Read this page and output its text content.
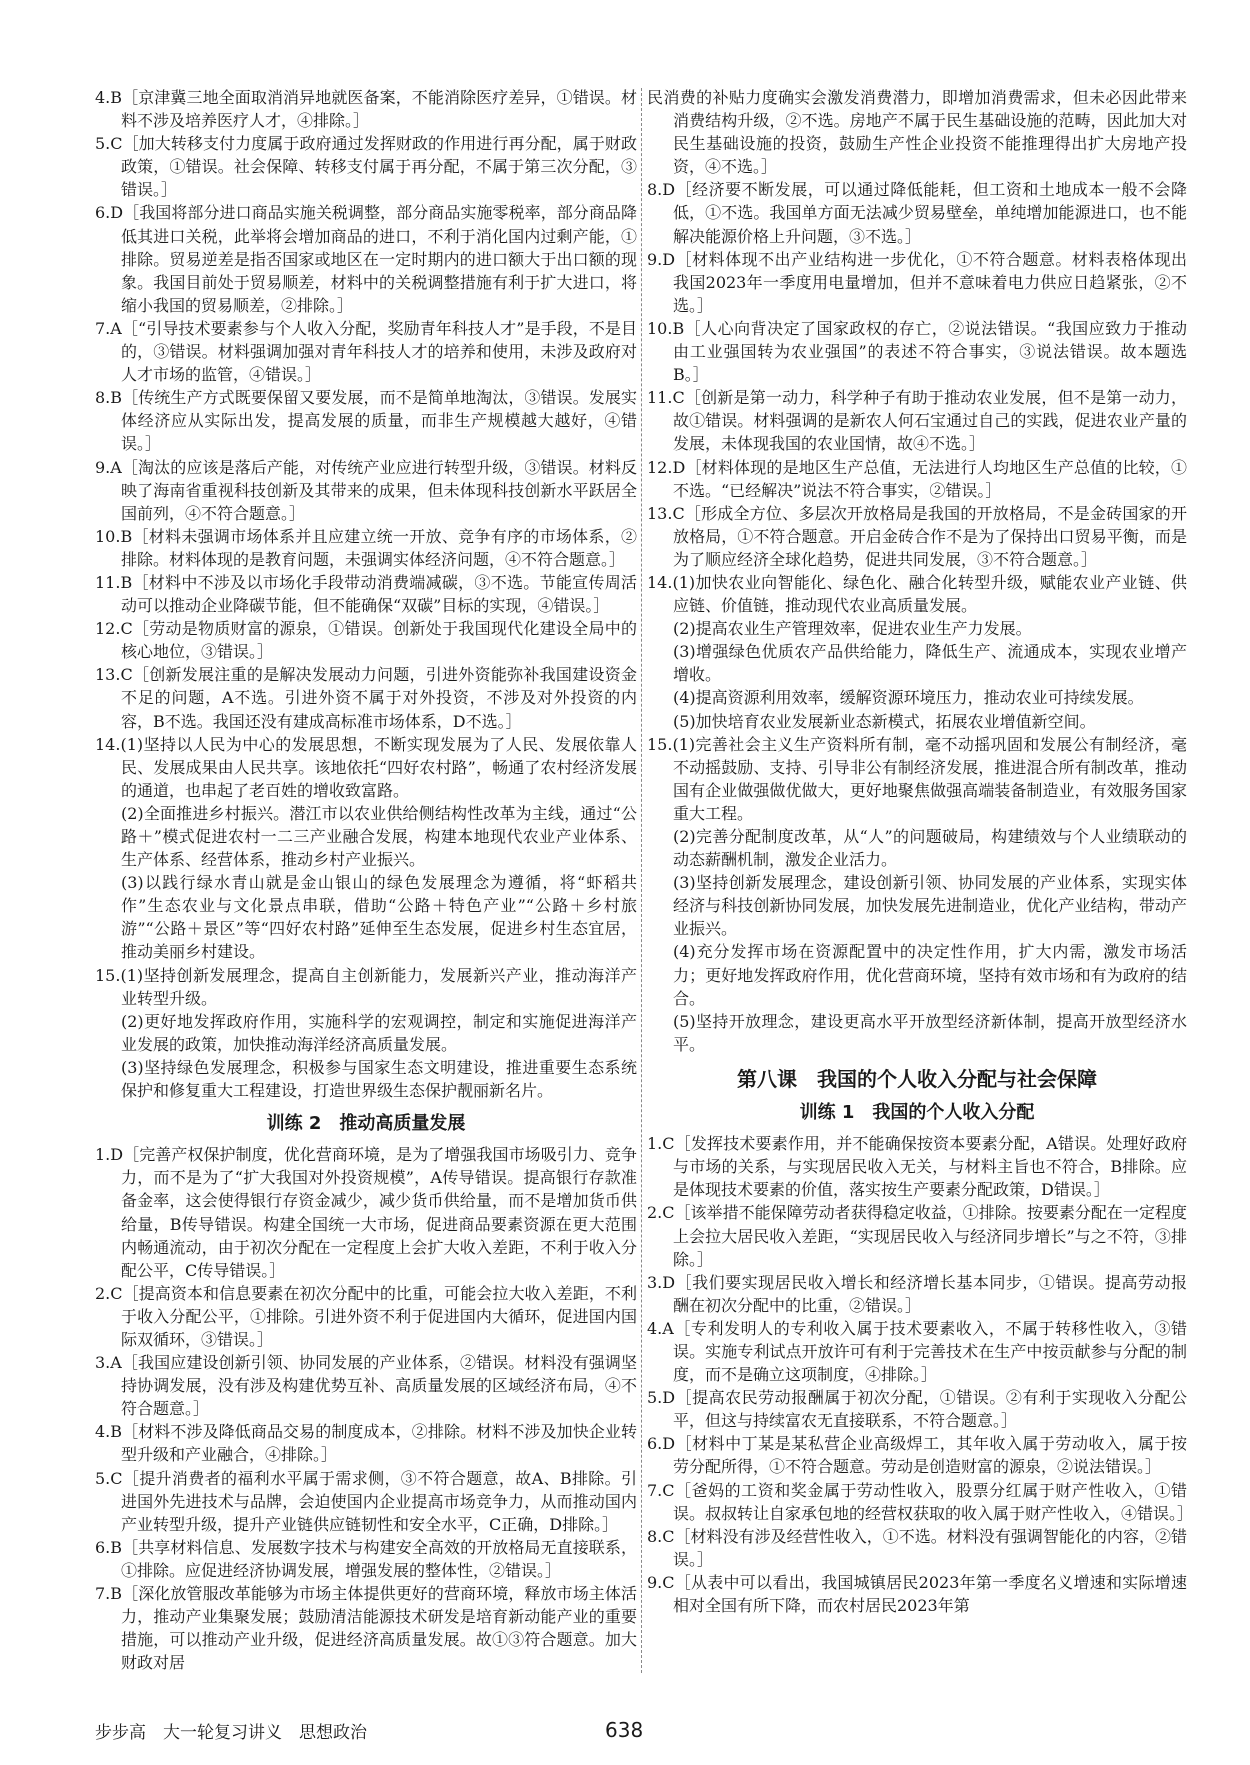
4.B［京津冀三地全面取消消异地就医备案，不能消除医疗差异，①错误。材料不涉及培养医疗人才，④排除。］

5.C［加大转移支付力度属于政府通过发挥财政的作用进行再分配，属于财政政策，①错误。社会保障、转移支付属于再分配，不属于第三次分配，③错误。］

6.D［我国将部分进口商品实施关税调整，部分商品实施零税率，部分商品降低其进口关税，此举将会增加商品的进口，不利于消化国内过剩产能，①排除。贸易逆差是指否国家或地区在一定时期内的进口额大于出口额的现象。我国目前处于贸易顺差，材料中的关税调整措施有利于扩大进口，将缩小我国的贸易顺差，②排除。］

7.A［“引导技术要素参与个人收入分配，奖励青年科技人才”是手段，不是目的，③错误。材料强调加强对青年科技人才的培养和使用，未涉及政府对人才市场的监管，④错误。］

8.B［传统生产方式既要保留又要发展，而不是简单地淘汰，③错误。发展实体经济应从实际出发，提高发展的质量，而非生产规模越大越好，④错误。］

9.A［淘汰的应该是落后产能，对传统产业应进行转型升级，③错误。材料反映了海南省重视科技创新及其带来的成果，但未体现科技创新水平跃居全国前列，④不符合题意。］

10.B［材料未强调市场体系并且应建立统一开放、竞争有序的市场体系，②排除。材料体现的是教育问题，未强调实体经济问题，④不符合题意。］

11.B［材料中不涉及以市场化手段带动消费端减碳，③不选。节能宣传周活动可以推动企业降碳节能，但不能确保“双碳”目标的实现，④错误。］

12.C［劳动是物质财富的源泉，①错误。创新处于我国现代化建设全局中的核心地位，③错误。］

13.C［创新发展注重的是解决发展动力问题，引进外资能弥补我国建设资金不足的问题，A不选。引进外资不属于对外投资，不涉及对外投资的内容，B不选。我国还没有建成高标准市场体系，D不选。］

14.(1)坚持以人民为中心的发展思想，不断实现发展为了人民、发展依靠人民、发展成果由人民共享。该地依托“四好农村路”，畅通了农村经济发展的通道，也串起了老百姓的增收致富路。

(2)全面推进乡村振兴。潜江市以农业供给侧结构性改革为主线，通过“公路＋”模式促进农村一二三产业融合发展，构建本地现代农业产业体系、生产体系、经营体系，推动乡村产业振兴。

(3)以践行绿水青山就是金山银山的绿色发展理念为遵循，将“虾稻共作”生态农业与文化景点串联，借助“公路＋特色产业”“公路＋乡村旅游”“公路＋景区”等“四好农村路”延伸至生态发展，促进乡村生态宜居，推动美丽乡村建设。

15.(1)坚持创新发展理念，提高自主创新能力，发展新兴产业，推动海洋产业转型升级。

(2)更好地发挥政府作用，实施科学的宏观调控，制定和实施促进海洋产业发展的政策，加快推动海洋经济高质量发展。

(3)坚持绿色发展理念，积极参与国家生态文明建设，推进重要生态系统保护和修复重大工程建设，打造世界级生态保护靓丽新名片。

训练 2　推动高质量发展

1.D［完善产权保护制度，优化营商环境，是为了增强我国市场吸引力、竞争力，而不是为了“扩大我国对外投资规模”，A传导错误。提高银行存款准备金率，这会使得银行存资金减少，减少货币供给量，而不是增加货币供给量，B传导错误。构建全国统一大市场，促进商品要素资源在更大范围内畅通流动，由于初次分配在一定程度上会扩大收入差距，不利于收入分配公平，C传导错误。］

2.C［提高资本和信息要素在初次分配中的比重，可能会拉大收入差距，不利于收入分配公平，①排除。引进外资不利于促进国内大循环，促进国内国际双循环，③错误。］

3.A［我国应建设创新引领、协同发展的产业体系，②错误。材料没有强调坚持协调发展，没有涉及构建优势互补、高质量发展的区域经济布局，④不符合题意。］

4.B［材料不涉及降低商品交易的制度成本，②排除。材料不涉及加快企业转型升级和产业融合，④排除。］

5.C［提升消费者的福利水平属于需求侧，③不符合题意，故A、B排除。引进国外先进技术与品牌，会迫使国内企业提高市场竞争力，从而推动国内产业转型升级，提升产业链供应链韧性和安全水平，C正确，D排除。］

6.B［共享材料信息、发展数字技术与构建安全高效的开放格局无直接联系，①排除。应促进经济协调发展，增强发展的整体性，②错误。］

7.B［深化放管服改革能够为市场主体提供更好的营商环境，释放市场主体活力，推动产业集聚发展；鼓励清洁能源技术研发是培育新动能产业的重要措施，可以推动产业升级，促进经济高质量发展。故①③符合题意。加大财政对居

民消费的补贴力度确实会激发消费潜力，即增加消费需求，但未必因此带来消费结构升级，②不选。房地产不属于民生基础设施的范畴，因此加大对民生基础设施的投资，鼓励生产性企业投资不能推理得出扩大房地产投资，④不选。］

8.D［经济要不断发展，可以通过降低能耗，但工资和土地成本一般不会降低，①不选。我国单方面无法减少贸易壁垒，单纯增加能源进口，也不能解决能源价格上升问题，③不选。］

9.D［材料体现不出产业结构进一步优化，①不符合题意。材料表格体现出我国2023年一季度用电量增加，但并不意味着电力供应日趋紧张，②不选。］

10.B［人心向背决定了国家政权的存亡，②说法错误。“我国应致力于推动由工业强国转为农业强国”的表述不符合事实，③说法错误。故本题选B。］

11.C［创新是第一动力，科学种子有助于推动农业发展，但不是第一动力，故①错误。材料强调的是新农人何石宝通过自己的实践，促进农业产量的发展，未体现我国的农业国情，故④不选。］

12.D［材料体现的是地区生产总值，无法进行人均地区生产总值的比较，①不选。“已经解决”说法不符合事实，②错误。］

13.C［形成全方位、多层次开放格局是我国的开放格局，不是金砖国家的开放格局，①不符合题意。开启金砖合作不是为了保持出口贸易平衡，而是为了顺应经济全球化趋势，促进共同发展，③不符合题意。］

14.(1)加快农业向智能化、绿色化、融合化转型升级，赋能农业产业链、供应链、价值链，推动现代农业高质量发展。

(2)提高农业生产管理效率，促进农业生产力发展。

(3)增强绿色优质农产品供给能力，降低生产、流通成本，实现农业增产增收。

(4)提高资源利用效率，缓解资源环境压力，推动农业可持续发展。

(5)加快培育农业发展新业态新模式，拓展农业增值新空间。

15.(1)完善社会主义生产资料所有制，毫不动摇巩固和发展公有制经济，毫不动摇鼓励、支持、引导非公有制经济发展，推进混合所有制改革，推动国有企业做强做优做大，更好地聚焦做强高端装备制造业，有效服务国家重大工程。

(2)完善分配制度改革，从“人”的问题破局，构建绩效与个人业绩联动的动态薪酬机制，激发企业活力。

(3)坚持创新发展理念，建设创新引领、协同发展的产业体系，实现实体经济与科技创新协同发展，加快发展先进制造业，优化产业结构，带动产业振兴。

(4)充分发挥市场在资源配置中的决定性作用，扩大内需，激发市场活力；更好地发挥政府作用，优化营商环境，坚持有效市场和有为政府的结合。

(5)坚持开放理念，建设更高水平开放型经济新体制，提高开放型经济水平。

第八课　我国的个人收入分配与社会保障
训练 1　我国的个人收入分配

1.C［发挥技术要素作用，并不能确保按资本要素分配，A错误。处理好政府与市场的关系，与实现居民收入无关，与材料主旨也不符合，B排除。应是体现技术要素的价值，落实按生产要素分配政策，D错误。］

2.C［该举措不能保障劳动者获得稳定收益，①排除。按要素分配在一定程度上会拉大居民收入差距，“实现居民收入与经济同步增长”与之不符，③排除。］

3.D［我们要实现居民收入增长和经济增长基本同步，①错误。提高劳动报酬在初次分配中的比重，②错误。］

4.A［专利发明人的专利收入属于技术要素收入，不属于转移性收入，③错误。实施专利试点开放许可有利于完善技术在生产中按贡献参与分配的制度，而不是确立这项制度，④排除。］

5.D［提高农民劳动报酬属于初次分配，①错误。②有利于实现收入分配公平，但这与持续富农无直接联系，不符合题意。］

6.D［材料中丁某是某私营企业高级焊工，其年收入属于劳动收入，属于按劳分配所得，①不符合题意。劳动是创造财富的源泉，②说法错误。］

7.C［爸妈的工资和奖金属于劳动性收入，股票分红属于财产性收入，①错误。叔叔转让自家承包地的经营权获取的收入属于财产性收入，④错误。］

8.C［材料没有涉及经营性收入，①不选。材料没有强调智能化的内容，②错误。］

9.C［从表中可以看出，我国城镇居民2023年第一季度名义增速和实际增速相对全国有所下降，而农村居民2023年第

步步高　大一轮复习讲义　思想政治	638
